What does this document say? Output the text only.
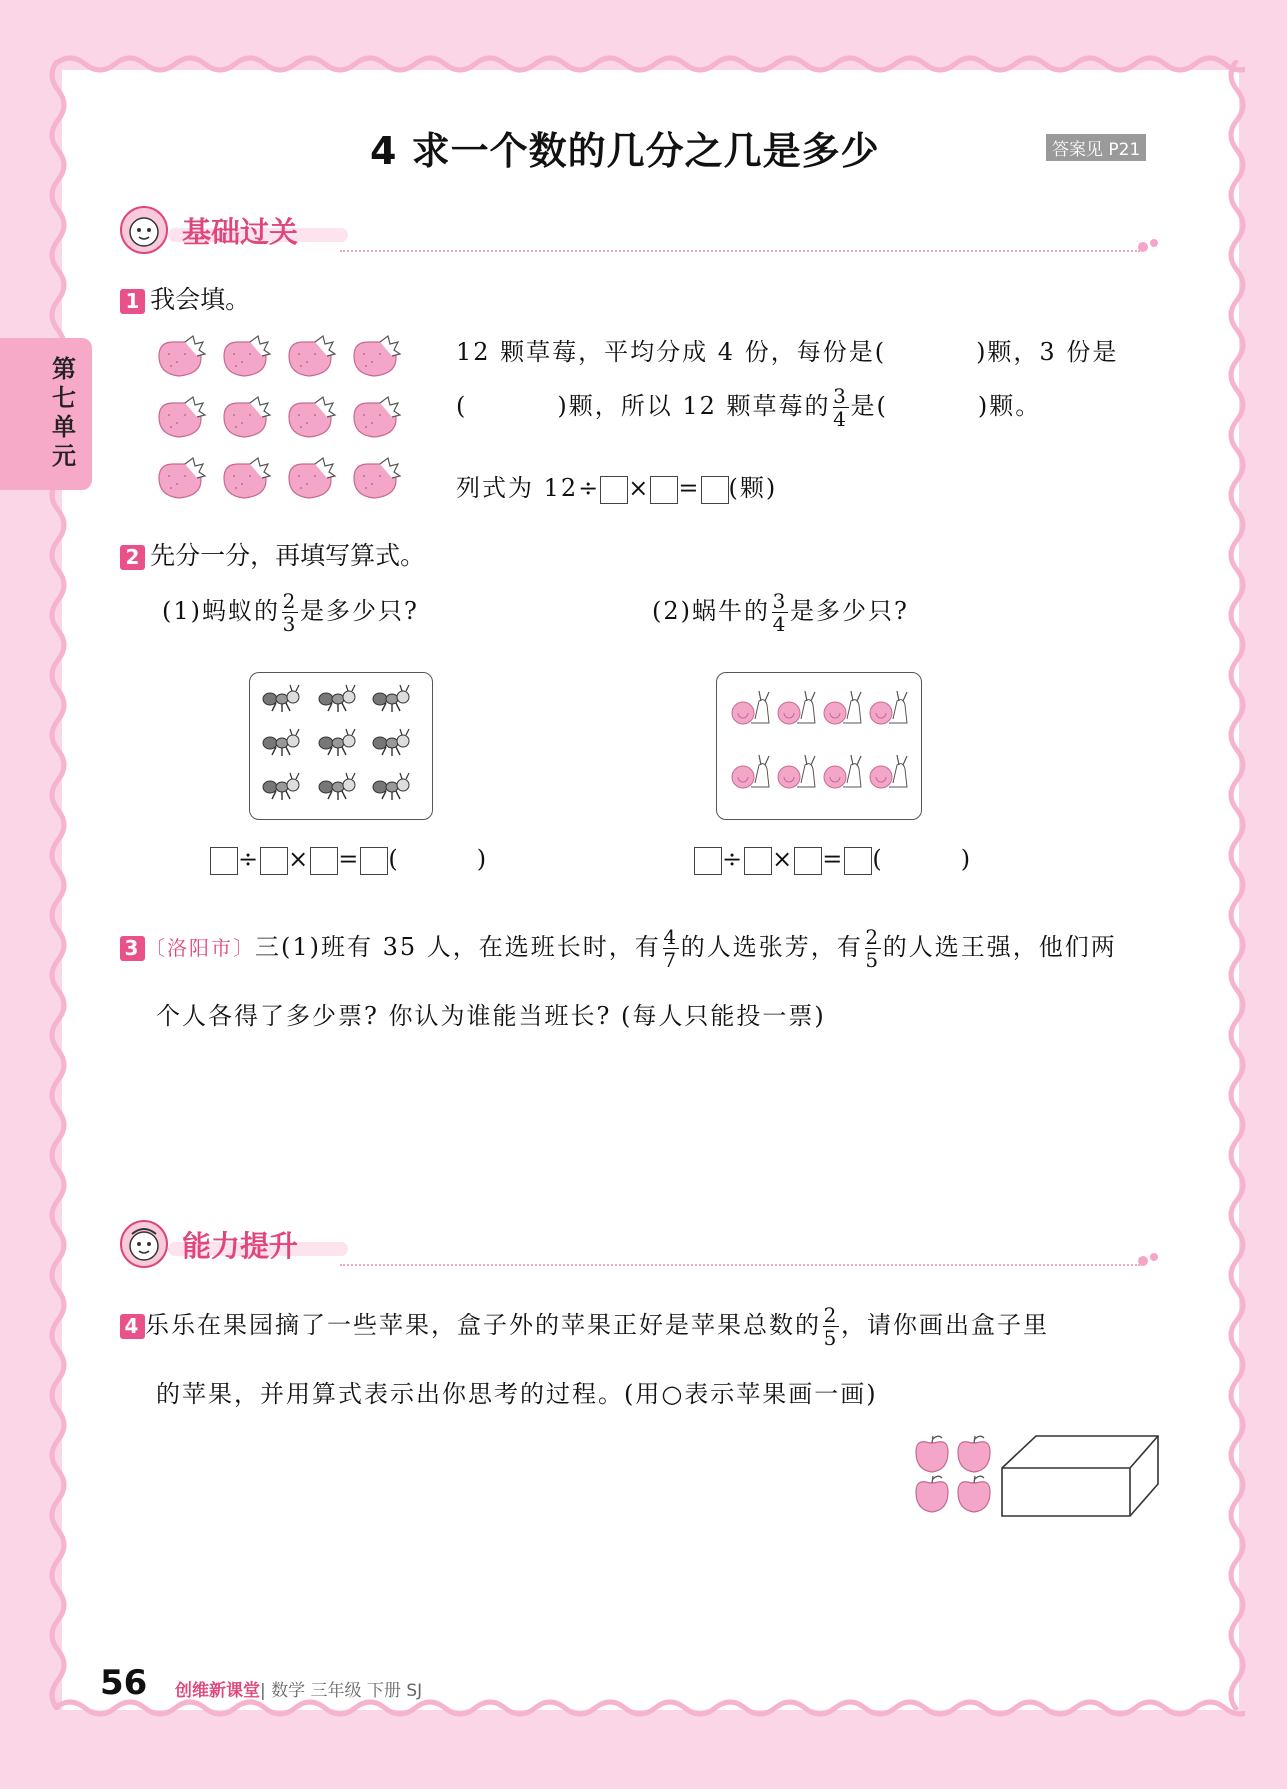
第七单元
4 求一个数的几分之几是多少	答案见 P21
基础过关
1 我会填。
12 颗草莓，平均分成 4 份，每份是(	)颗，3 份是
(	)颗，所以 12 颗草莓的 $\frac{3}{4}$ 是(	)颗。
列式为 12÷ × = (颗)
2 先分一分，再填写算式。
(1)蚂蚁的 $\frac{2}{3}$ 是多少只?	(2)蜗牛的 $\frac{3}{4}$ 是多少只?
÷ × = (        )	÷ × = (        )
3 〔洛阳市〕三(1)班有 35 人，在选班长时，有 $\frac{4}{7}$ 的人选张芳，有 $\frac{2}{5}$ 的人选王强，他们两
个人各得了多少票? 你认为谁能当班长? (每人只能投一票)
能力提升
4 乐乐在果园摘了一些苹果，盒子外的苹果正好是苹果总数的 $\frac{2}{5}$ ，请你画出盒子里
的苹果，并用算式表示出你思考的过程。(用○表示苹果画一画)
56 创维新课堂| 数学 三年级 下册 SJ
